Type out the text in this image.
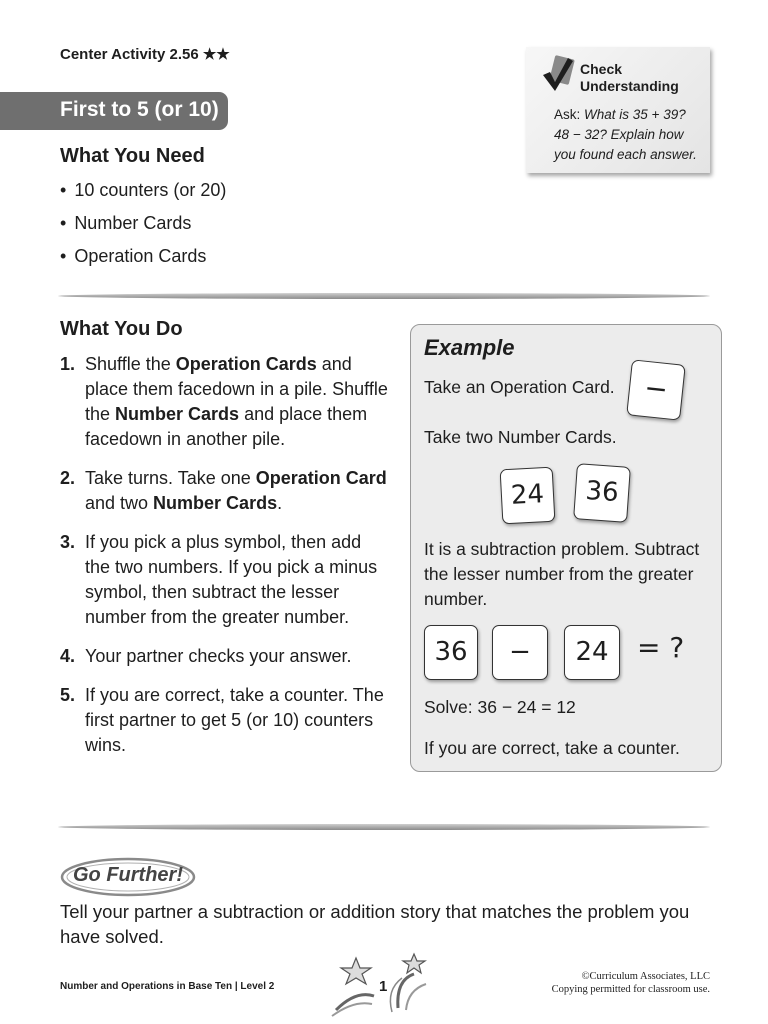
Center Activity 2.56 ★★
First to 5 (or 10)
Check
Understanding
Ask: What is 35 + 39? 48 − 32? Explain how you found each answer.
What You Need
• 10 counters (or 20)
• Number Cards
• Operation Cards
What You Do
1. Shuffle the Operation Cards and place them facedown in a pile. Shuffle the Number Cards and place them facedown in another pile.
2. Take turns. Take one Operation Card and two Number Cards.
3. If you pick a plus symbol, then add the two numbers. If you pick a minus symbol, then subtract the lesser number from the greater number.
4. Your partner checks your answer.
5. If you are correct, take a counter. The first partner to get 5 (or 10) counters wins.
Example
Take an Operation Card.	−
Take two Number Cards.
24	36
It is a subtraction problem. Subtract the lesser number from the greater number.
36	−	24	= ?
Solve: 36 − 24 = 12
If you are correct, take a counter.
Go Further!
Tell your partner a subtraction or addition story that matches the problem you have solved.
Number and Operations in Base Ten | Level 2	1
©Curriculum Associates, LLC
Copying permitted for classroom use.
